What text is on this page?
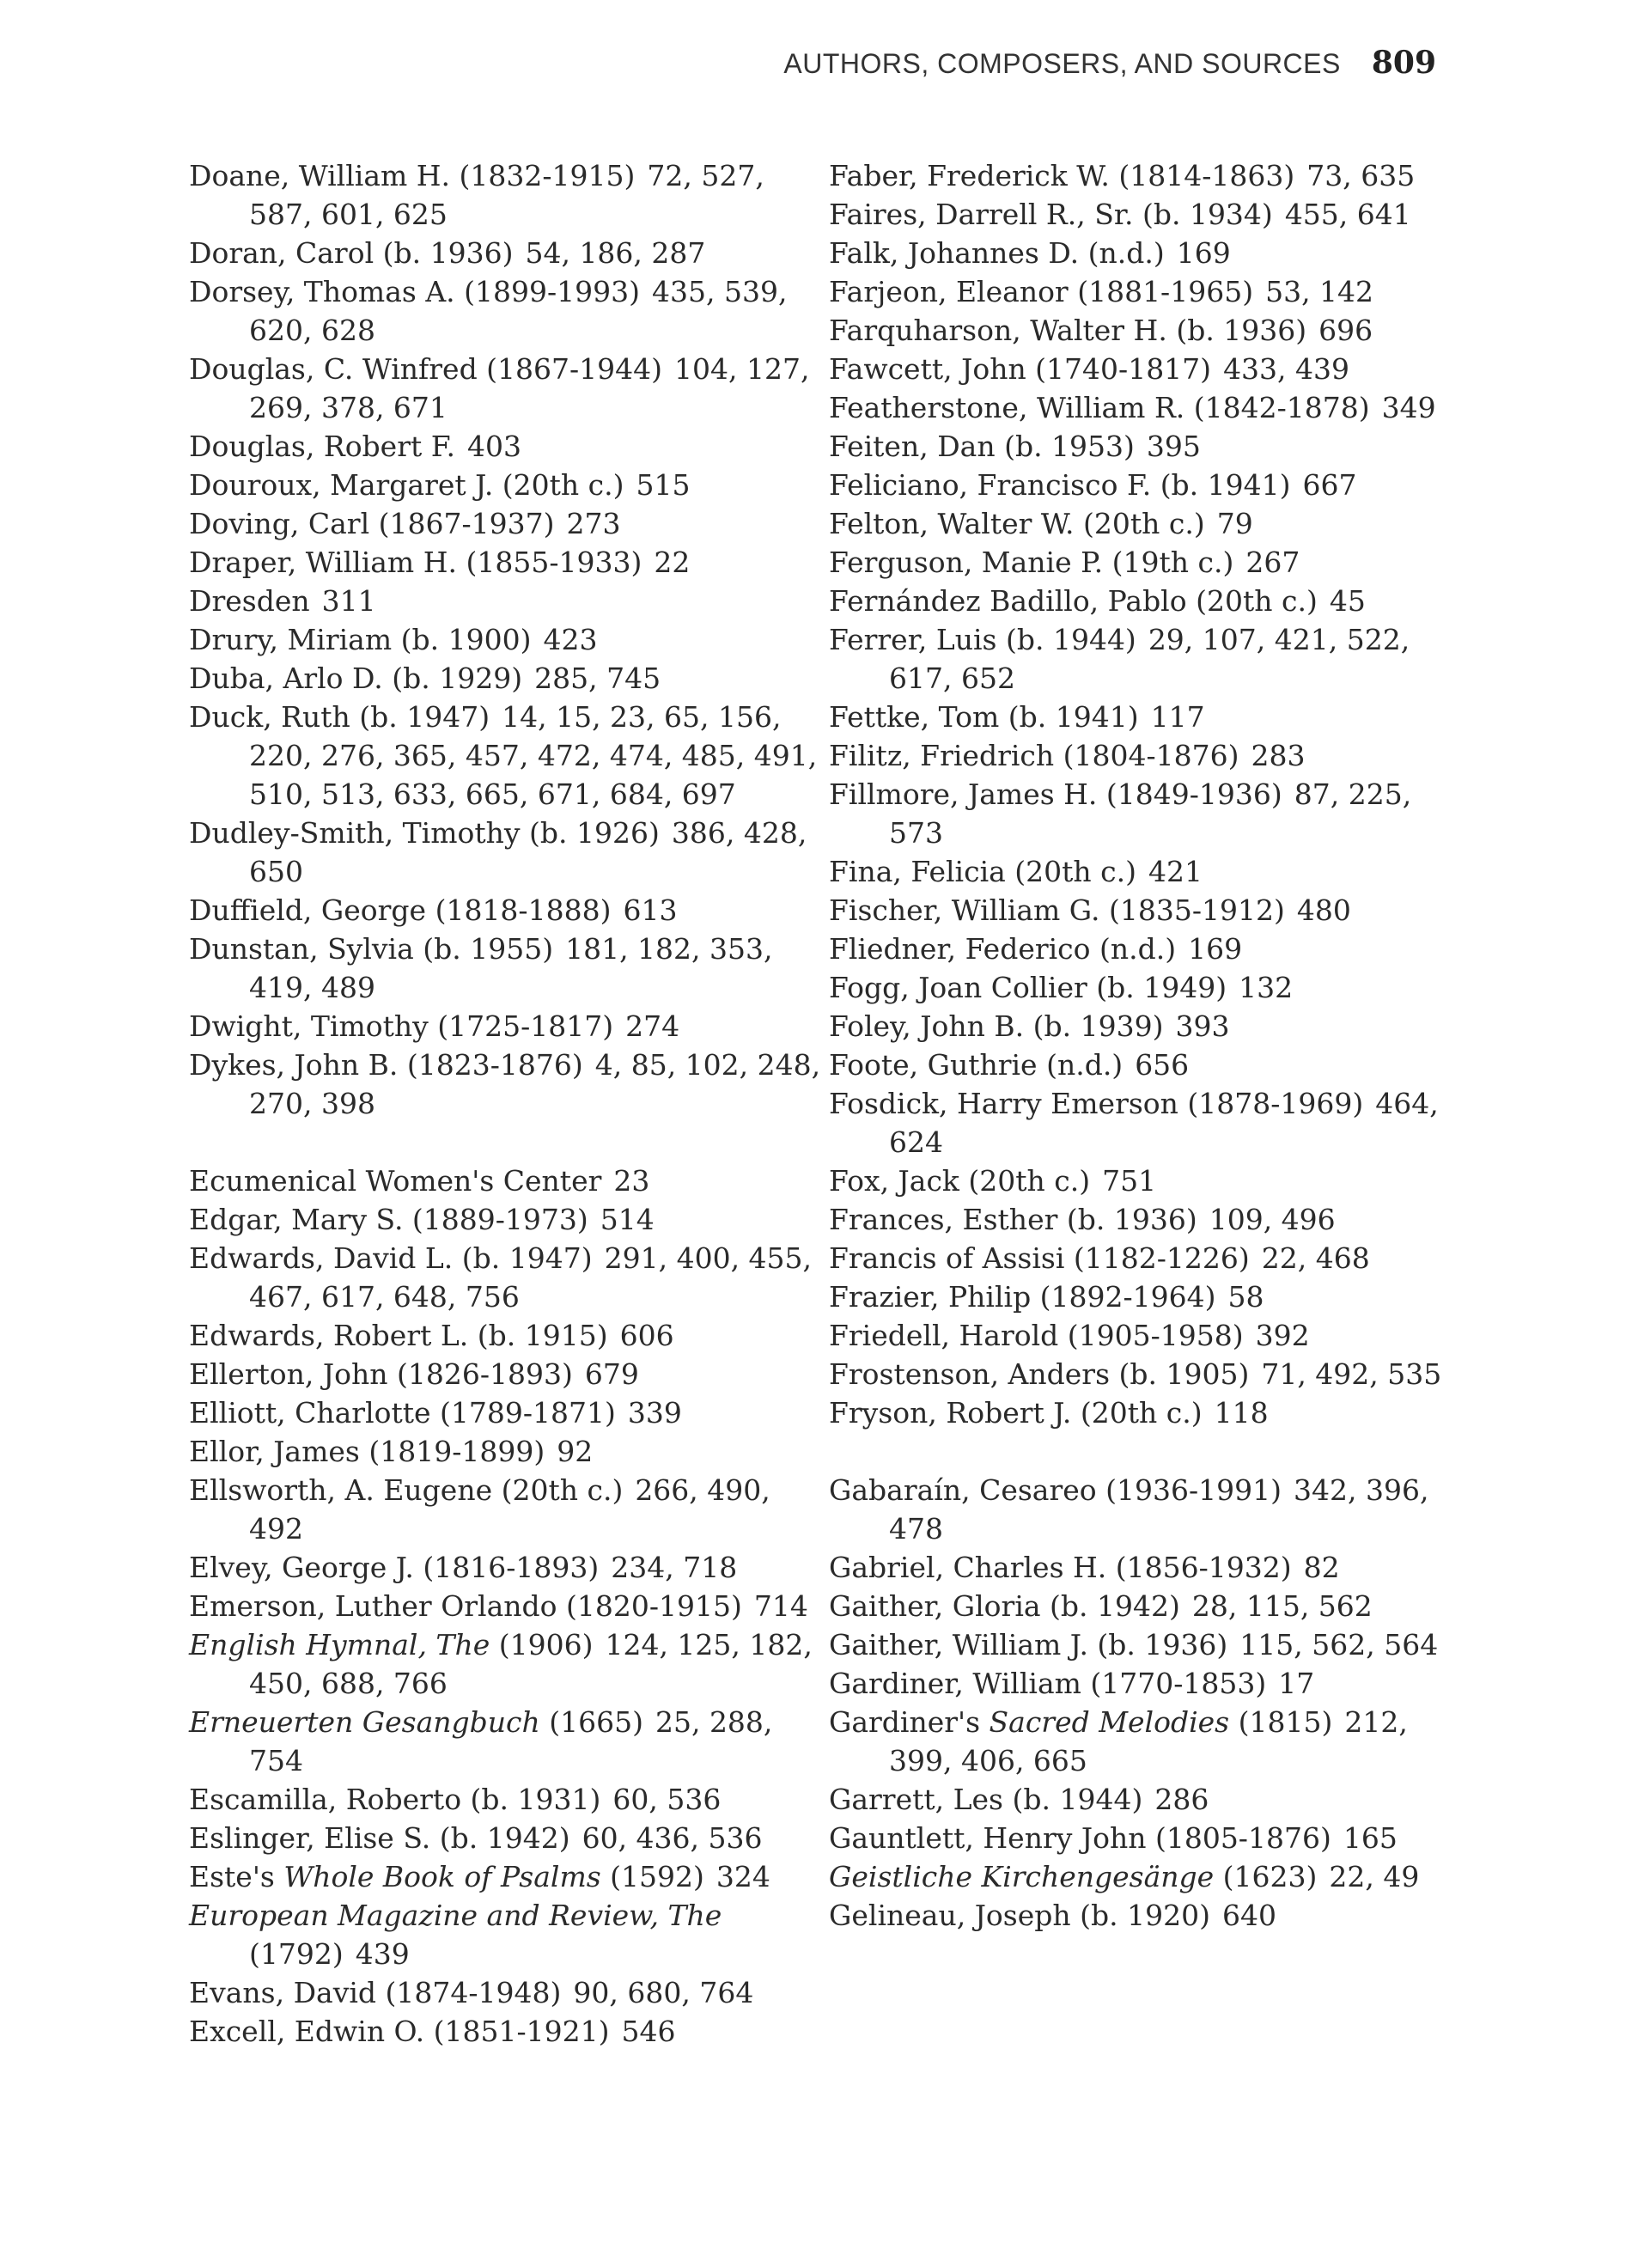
AUTHORS, COMPOSERS, AND SOURCES 809
Doane, William H. (1832-1915) 72, 527, 587, 601, 625
Doran, Carol (b. 1936) 54, 186, 287
Dorsey, Thomas A. (1899-1993) 435, 539, 620, 628
Douglas, C. Winfred (1867-1944) 104, 127, 269, 378, 671
Douglas, Robert F. 403
Douroux, Margaret J. (20th c.) 515
Doving, Carl (1867-1937) 273
Draper, William H. (1855-1933) 22
Dresden 311
Drury, Miriam (b. 1900) 423
Duba, Arlo D. (b. 1929) 285, 745
Duck, Ruth (b. 1947) 14, 15, 23, 65, 156, 220, 276, 365, 457, 472, 474, 485, 491, 510, 513, 633, 665, 671, 684, 697
Dudley-Smith, Timothy (b. 1926) 386, 428, 650
Duffield, George (1818-1888) 613
Dunstan, Sylvia (b. 1955) 181, 182, 353, 419, 489
Dwight, Timothy (1725-1817) 274
Dykes, John B. (1823-1876) 4, 85, 102, 248, 270, 398
Ecumenical Women's Center 23
Edgar, Mary S. (1889-1973) 514
Edwards, David L. (b. 1947) 291, 400, 455, 467, 617, 648, 756
Edwards, Robert L. (b. 1915) 606
Ellerton, John (1826-1893) 679
Elliott, Charlotte (1789-1871) 339
Ellor, James (1819-1899) 92
Ellsworth, A. Eugene (20th c.) 266, 490, 492
Elvey, George J. (1816-1893) 234, 718
Emerson, Luther Orlando (1820-1915) 714
English Hymnal, The (1906) 124, 125, 182, 450, 688, 766
Erneuerten Gesangbuch (1665) 25, 288, 754
Escamilla, Roberto (b. 1931) 60, 536
Eslinger, Elise S. (b. 1942) 60, 436, 536
Este's Whole Book of Psalms (1592) 324
European Magazine and Review, The (1792) 439
Evans, David (1874-1948) 90, 680, 764
Excell, Edwin O. (1851-1921) 546
Faber, Frederick W. (1814-1863) 73, 635
Faires, Darrell R., Sr. (b. 1934) 455, 641
Falk, Johannes D. (n.d.) 169
Farjeon, Eleanor (1881-1965) 53, 142
Farquharson, Walter H. (b. 1936) 696
Fawcett, John (1740-1817) 433, 439
Featherstone, William R. (1842-1878) 349
Feiten, Dan (b. 1953) 395
Feliciano, Francisco F. (b. 1941) 667
Felton, Walter W. (20th c.) 79
Ferguson, Manie P. (19th c.) 267
Fernández Badillo, Pablo (20th c.) 45
Ferrer, Luis (b. 1944) 29, 107, 421, 522, 617, 652
Fettke, Tom (b. 1941) 117
Filitz, Friedrich (1804-1876) 283
Fillmore, James H. (1849-1936) 87, 225, 573
Fina, Felicia (20th c.) 421
Fischer, William G. (1835-1912) 480
Fliedner, Federico (n.d.) 169
Fogg, Joan Collier (b. 1949) 132
Foley, John B. (b. 1939) 393
Foote, Guthrie (n.d.) 656
Fosdick, Harry Emerson (1878-1969) 464, 624
Fox, Jack (20th c.) 751
Frances, Esther (b. 1936) 109, 496
Francis of Assisi (1182-1226) 22, 468
Frazier, Philip (1892-1964) 58
Friedell, Harold (1905-1958) 392
Frostenson, Anders (b. 1905) 71, 492, 535
Fryson, Robert J. (20th c.) 118
Gabaraín, Cesareo (1936-1991) 342, 396, 478
Gabriel, Charles H. (1856-1932) 82
Gaither, Gloria (b. 1942) 28, 115, 562
Gaither, William J. (b. 1936) 115, 562, 564
Gardiner, William (1770-1853) 17
Gardiner's Sacred Melodies (1815) 212, 399, 406, 665
Garrett, Les (b. 1944) 286
Gauntlett, Henry John (1805-1876) 165
Geistliche Kirchengesänge (1623) 22, 49
Gelineau, Joseph (b. 1920) 640
